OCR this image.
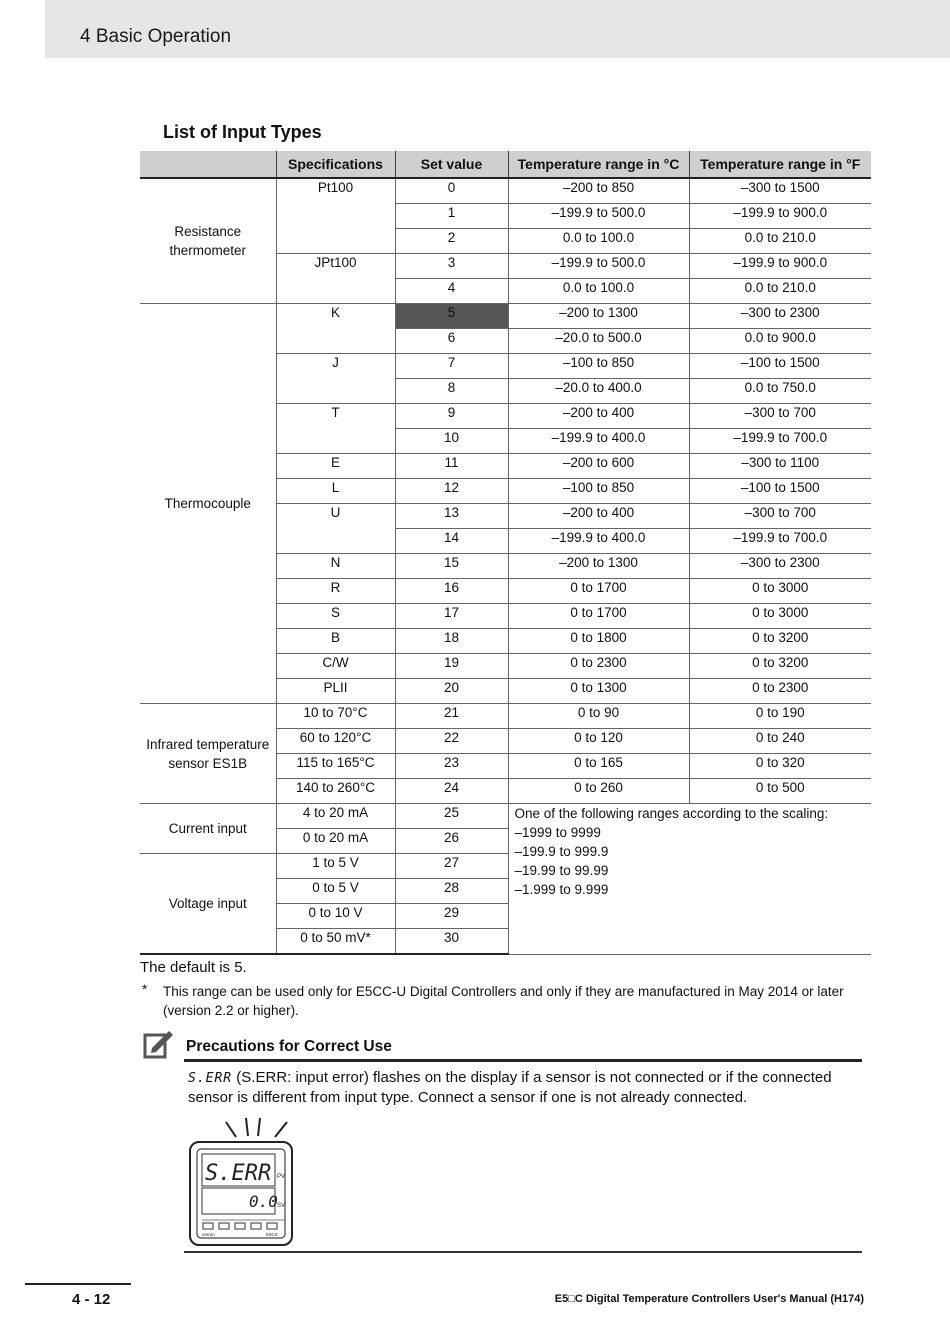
4 Basic Operation
List of Input Types
	Specifications	Set value	Temperature range in °C	Temperature range in °F
Resistance thermometer	Pt100	0	–200 to 850	–300 to 1500
		1	–199.9 to 500.0	–199.9 to 900.0
		2	0.0 to 100.0	0.0 to 210.0
	JPt100	3	–199.9 to 500.0	–199.9 to 900.0
		4	0.0 to 100.0	0.0 to 210.0
Thermocouple	K	5	–200 to 1300	–300 to 2300
		6	–20.0 to 500.0	0.0 to 900.0
	J	7	–100 to 850	–100 to 1500
		8	–20.0 to 400.0	0.0 to 750.0
	T	9	–200 to 400	–300 to 700
		10	–199.9 to 400.0	–199.9 to 700.0
	E	11	–200 to 600	–300 to 1100
	L	12	–100 to 850	–100 to 1500
	U	13	–200 to 400	–300 to 700
		14	–199.9 to 400.0	–199.9 to 700.0
	N	15	–200 to 1300	–300 to 2300
	R	16	0 to 1700	0 to 3000
	S	17	0 to 1700	0 to 3000
	B	18	0 to 1800	0 to 3200
	C/W	19	0 to 2300	0 to 3200
	PLII	20	0 to 1300	0 to 2300
Infrared temperature sensor ES1B	10 to 70°C	21	0 to 90	0 to 190
	60 to 120°C	22	0 to 120	0 to 240
	115 to 165°C	23	0 to 165	0 to 320
	140 to 260°C	24	0 to 260	0 to 500
Current input	4 to 20 mA	25	One of the following ranges according to the scaling:
–1999 to 9999
–199.9 to 999.9
–19.99 to 99.99
–1.999 to 9.999	

	0 to 20 mA	26		
Voltage input	1 to 5 V	27		
	0 to 5 V	28		
	0 to 10 V	29		
	0 to 50 mV*	30		
The default is 5.
* This range can be used only for E5CC-U Digital Controllers and only if they are manufactured in May 2014 or later (version 2.2 or higher).
Precautions for Correct Use
S.ERR (S.ERR: input error) flashes on the display if a sensor is not connected or if the connected sensor is different from input type. Connect a sensor if one is not already connected.
S.ERR PV
0.0 SV
omron	E5CC
4 - 12	E5□C Digital Temperature Controllers User's Manual (H174)
